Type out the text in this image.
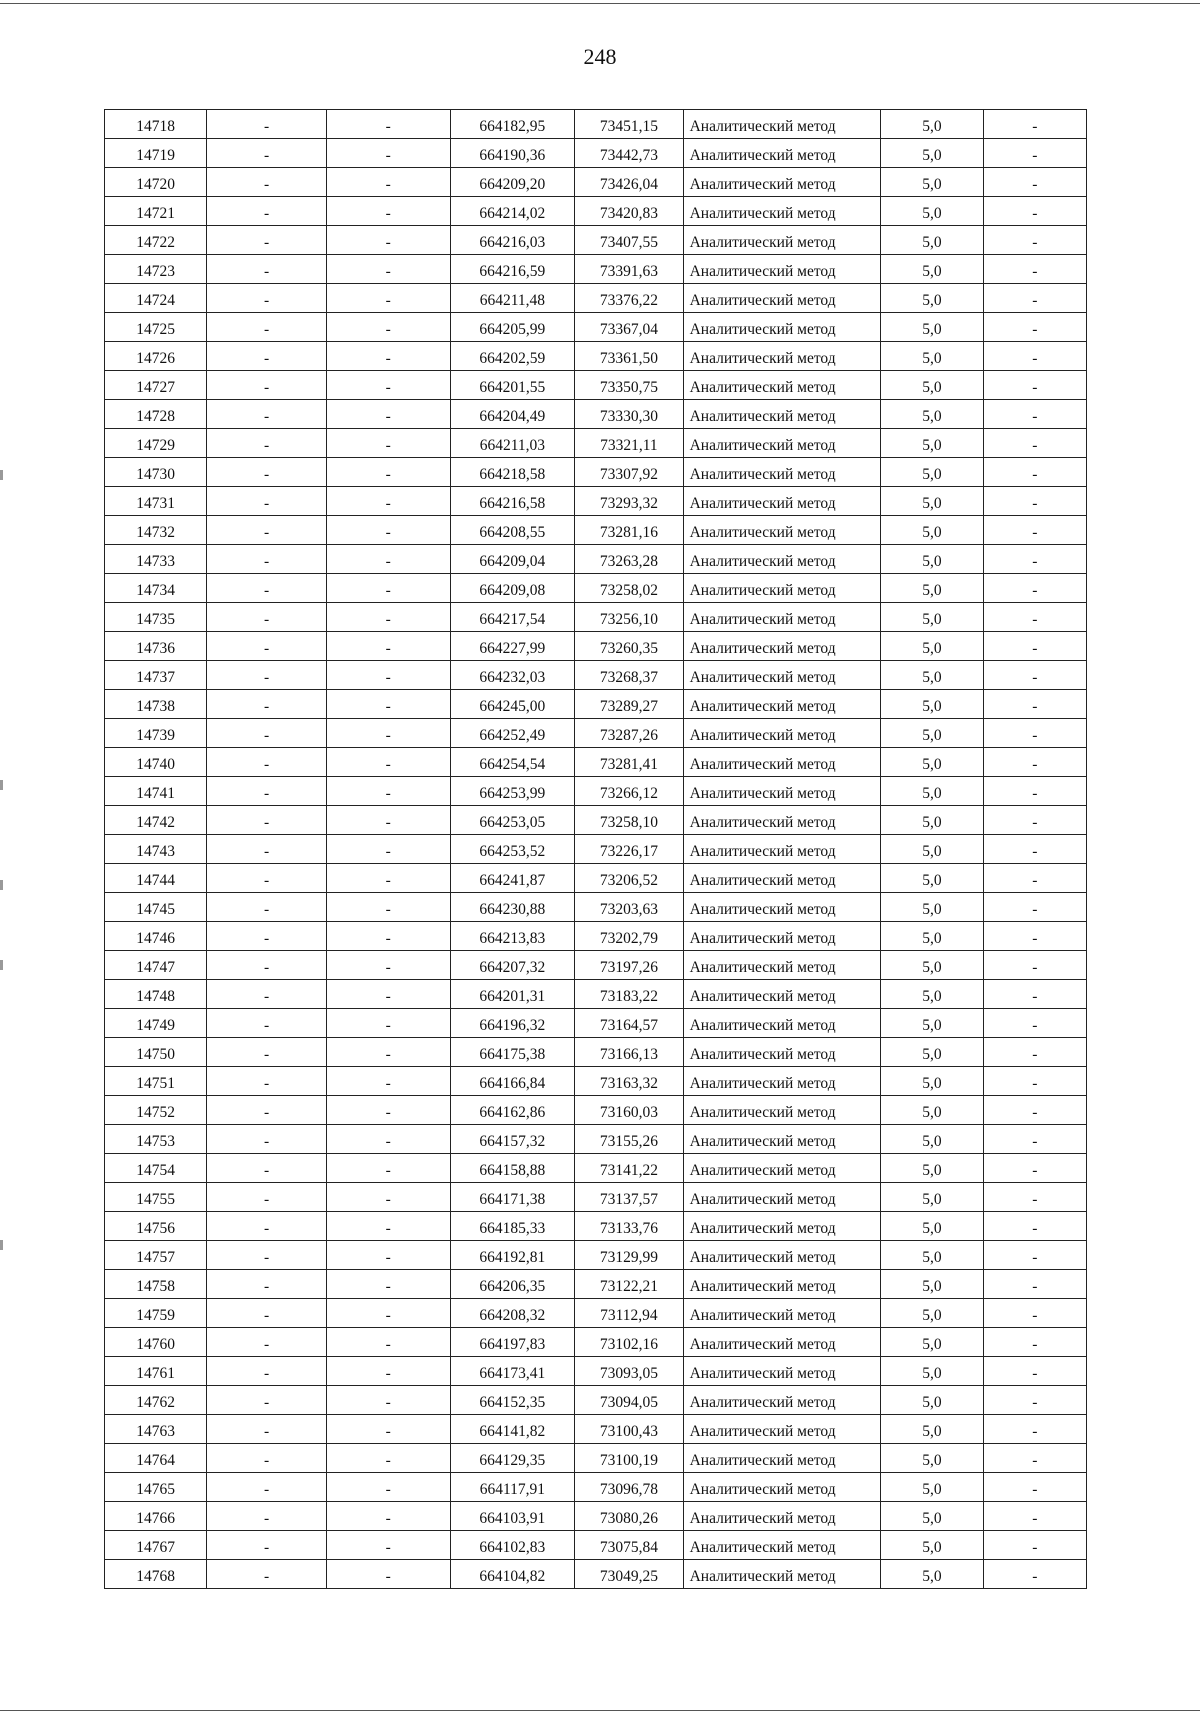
248
14718	-	-	664182,95	73451,15	Аналитический метод	5,0	-
14719	-	-	664190,36	73442,73	Аналитический метод	5,0	-
14720	-	-	664209,20	73426,04	Аналитический метод	5,0	-
14721	-	-	664214,02	73420,83	Аналитический метод	5,0	-
14722	-	-	664216,03	73407,55	Аналитический метод	5,0	-
14723	-	-	664216,59	73391,63	Аналитический метод	5,0	-
14724	-	-	664211,48	73376,22	Аналитический метод	5,0	-
14725	-	-	664205,99	73367,04	Аналитический метод	5,0	-
14726	-	-	664202,59	73361,50	Аналитический метод	5,0	-
14727	-	-	664201,55	73350,75	Аналитический метод	5,0	-
14728	-	-	664204,49	73330,30	Аналитический метод	5,0	-
14729	-	-	664211,03	73321,11	Аналитический метод	5,0	-
14730	-	-	664218,58	73307,92	Аналитический метод	5,0	-
14731	-	-	664216,58	73293,32	Аналитический метод	5,0	-
14732	-	-	664208,55	73281,16	Аналитический метод	5,0	-
14733	-	-	664209,04	73263,28	Аналитический метод	5,0	-
14734	-	-	664209,08	73258,02	Аналитический метод	5,0	-
14735	-	-	664217,54	73256,10	Аналитический метод	5,0	-
14736	-	-	664227,99	73260,35	Аналитический метод	5,0	-
14737	-	-	664232,03	73268,37	Аналитический метод	5,0	-
14738	-	-	664245,00	73289,27	Аналитический метод	5,0	-
14739	-	-	664252,49	73287,26	Аналитический метод	5,0	-
14740	-	-	664254,54	73281,41	Аналитический метод	5,0	-
14741	-	-	664253,99	73266,12	Аналитический метод	5,0	-
14742	-	-	664253,05	73258,10	Аналитический метод	5,0	-
14743	-	-	664253,52	73226,17	Аналитический метод	5,0	-
14744	-	-	664241,87	73206,52	Аналитический метод	5,0	-
14745	-	-	664230,88	73203,63	Аналитический метод	5,0	-
14746	-	-	664213,83	73202,79	Аналитический метод	5,0	-
14747	-	-	664207,32	73197,26	Аналитический метод	5,0	-
14748	-	-	664201,31	73183,22	Аналитический метод	5,0	-
14749	-	-	664196,32	73164,57	Аналитический метод	5,0	-
14750	-	-	664175,38	73166,13	Аналитический метод	5,0	-
14751	-	-	664166,84	73163,32	Аналитический метод	5,0	-
14752	-	-	664162,86	73160,03	Аналитический метод	5,0	-
14753	-	-	664157,32	73155,26	Аналитический метод	5,0	-
14754	-	-	664158,88	73141,22	Аналитический метод	5,0	-
14755	-	-	664171,38	73137,57	Аналитический метод	5,0	-
14756	-	-	664185,33	73133,76	Аналитический метод	5,0	-
14757	-	-	664192,81	73129,99	Аналитический метод	5,0	-
14758	-	-	664206,35	73122,21	Аналитический метод	5,0	-
14759	-	-	664208,32	73112,94	Аналитический метод	5,0	-
14760	-	-	664197,83	73102,16	Аналитический метод	5,0	-
14761	-	-	664173,41	73093,05	Аналитический метод	5,0	-
14762	-	-	664152,35	73094,05	Аналитический метод	5,0	-
14763	-	-	664141,82	73100,43	Аналитический метод	5,0	-
14764	-	-	664129,35	73100,19	Аналитический метод	5,0	-
14765	-	-	664117,91	73096,78	Аналитический метод	5,0	-
14766	-	-	664103,91	73080,26	Аналитический метод	5,0	-
14767	-	-	664102,83	73075,84	Аналитический метод	5,0	-
14768	-	-	664104,82	73049,25	Аналитический метод	5,0	-
